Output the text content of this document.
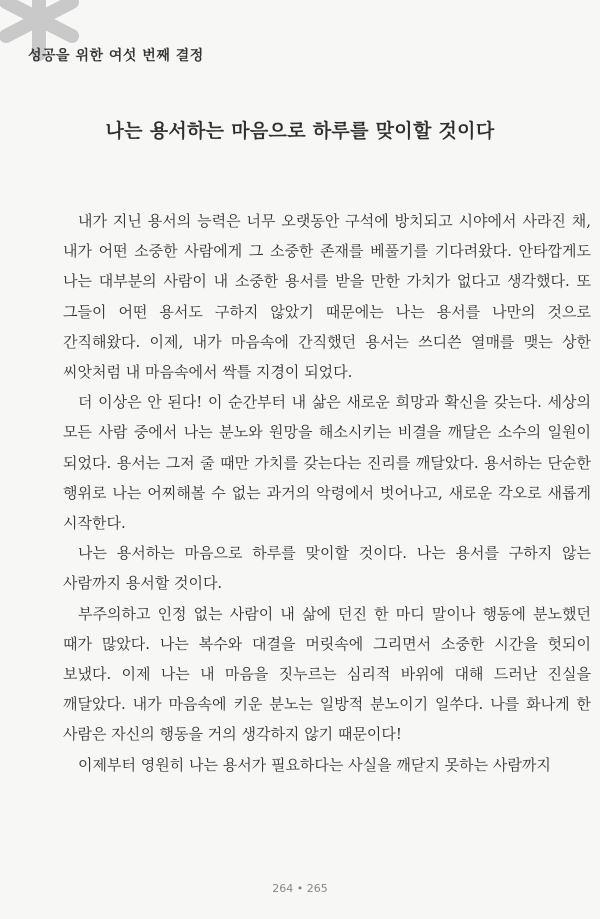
성공을 위한 여섯 번째 결정
나는 용서하는 마음으로 하루를 맞이할 것이다

내가 지닌 용서의 능력은 너무 오랫동안 구석에 방치되고 시야에서 사라진 채, 내가 어떤 소중한 사람에게 그 소중한 존재를 베풀기를 기다려왔다. 안타깝게도 나는 대부분의 사람이 내 소중한 용서를 받을 만한 가치가 없다고 생각했다. 또 그들이 어떤 용서도 구하지 않았기 때문에는 나는 용서를 나만의 것으로 간직해왔다. 이제, 내가 마음속에 간직했던 용서는 쓰디쓴 열매를 맺는 상한 씨앗처럼 내 마음속에서 싹틀 지경이 되었다.

더 이상은 안 된다! 이 순간부터 내 삶은 새로운 희망과 확신을 갖는다. 세상의 모든 사람 중에서 나는 분노와 원망을 해소시키는 비결을 깨달은 소수의 일원이 되었다. 용서는 그저 줄 때만 가치를 갖는다는 진리를 깨달았다. 용서하는 단순한 행위로 나는 어찌해볼 수 없는 과거의 악령에서 벗어나고, 새로운 각오로 새롭게 시작한다.

나는 용서하는 마음으로 하루를 맞이할 것이다. 나는 용서를 구하지 않는 사람까지 용서할 것이다.

부주의하고 인정 없는 사람이 내 삶에 던진 한 마디 말이나 행동에 분노했던 때가 많았다. 나는 복수와 대결을 머릿속에 그리면서 소중한 시간을 헛되이 보냈다. 이제 나는 내 마음을 짓누르는 심리적 바위에 대해 드러난 진실을 깨달았다. 내가 마음속에 키운 분노는 일방적 분노이기 일쑤다. 나를 화나게 한 사람은 자신의 행동을 거의 생각하지 않기 때문이다!

이제부터 영원히 나는 용서가 필요하다는 사실을 깨닫지 못하는 사람까지

264 • 265
